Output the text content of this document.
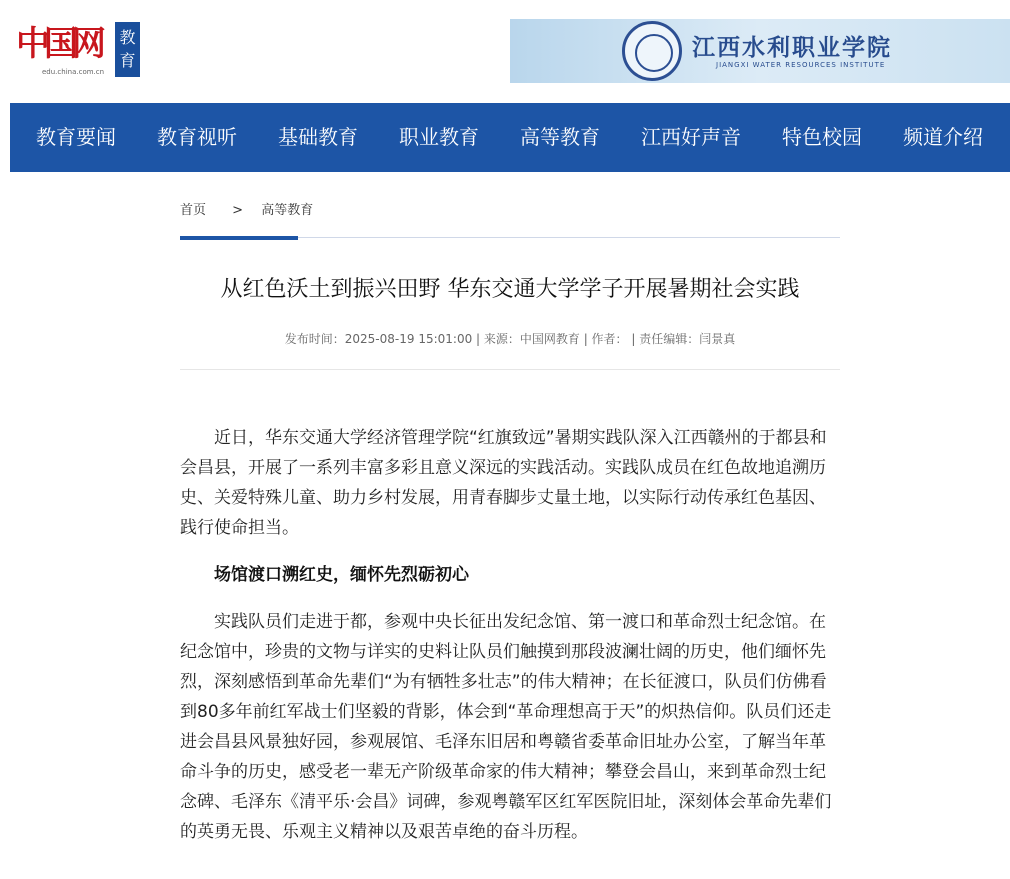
中国网
edu.china.com.cn
教育	江西水利职业学院
JIANGXI WATER RESOURCES INSTITUTE
教育要闻 教育视听 基础教育 职业教育 高等教育 江西好声音 特色校园 频道介绍
首页 > 高等教育
从红色沃土到振兴田野 华东交通大学学子开展暑期社会实践
发布时间：2025-08-19 15:01:00 | 来源：中国网教育 | 作者： | 责任编辑：闫景真

近日，华东交通大学经济管理学院“红旗致远”暑期实践队深入江西赣州的于都县和会昌县，开展了一系列丰富多彩且意义深远的实践活动。实践队成员在红色故地追溯历史、关爱特殊儿童、助力乡村发展，用青春脚步丈量土地，以实际行动传承红色基因、践行使命担当。

场馆渡口溯红史，缅怀先烈砺初心

实践队员们走进于都，参观中央长征出发纪念馆、第一渡口和革命烈士纪念馆。在纪念馆中，珍贵的文物与详实的史料让队员们触摸到那段波澜壮阔的历史，他们缅怀先烈，深刻感悟到革命先辈们“为有牺牲多壮志”的伟大精神；在长征渡口，队员们仿佛看到80多年前红军战士们坚毅的背影，体会到“革命理想高于天”的炽热信仰。队员们还走进会昌县风景独好园，参观展馆、毛泽东旧居和粤赣省委革命旧址办公室，了解当年革命斗争的历史，感受老一辈无产阶级革命家的伟大精神；攀登会昌山，来到革命烈士纪念碑、毛泽东《清平乐·会昌》词碑，参观粤赣军区红军医院旧址，深刻体会革命先辈们的英勇无畏、乐观主义精神以及艰苦卓绝的奋斗历程。
